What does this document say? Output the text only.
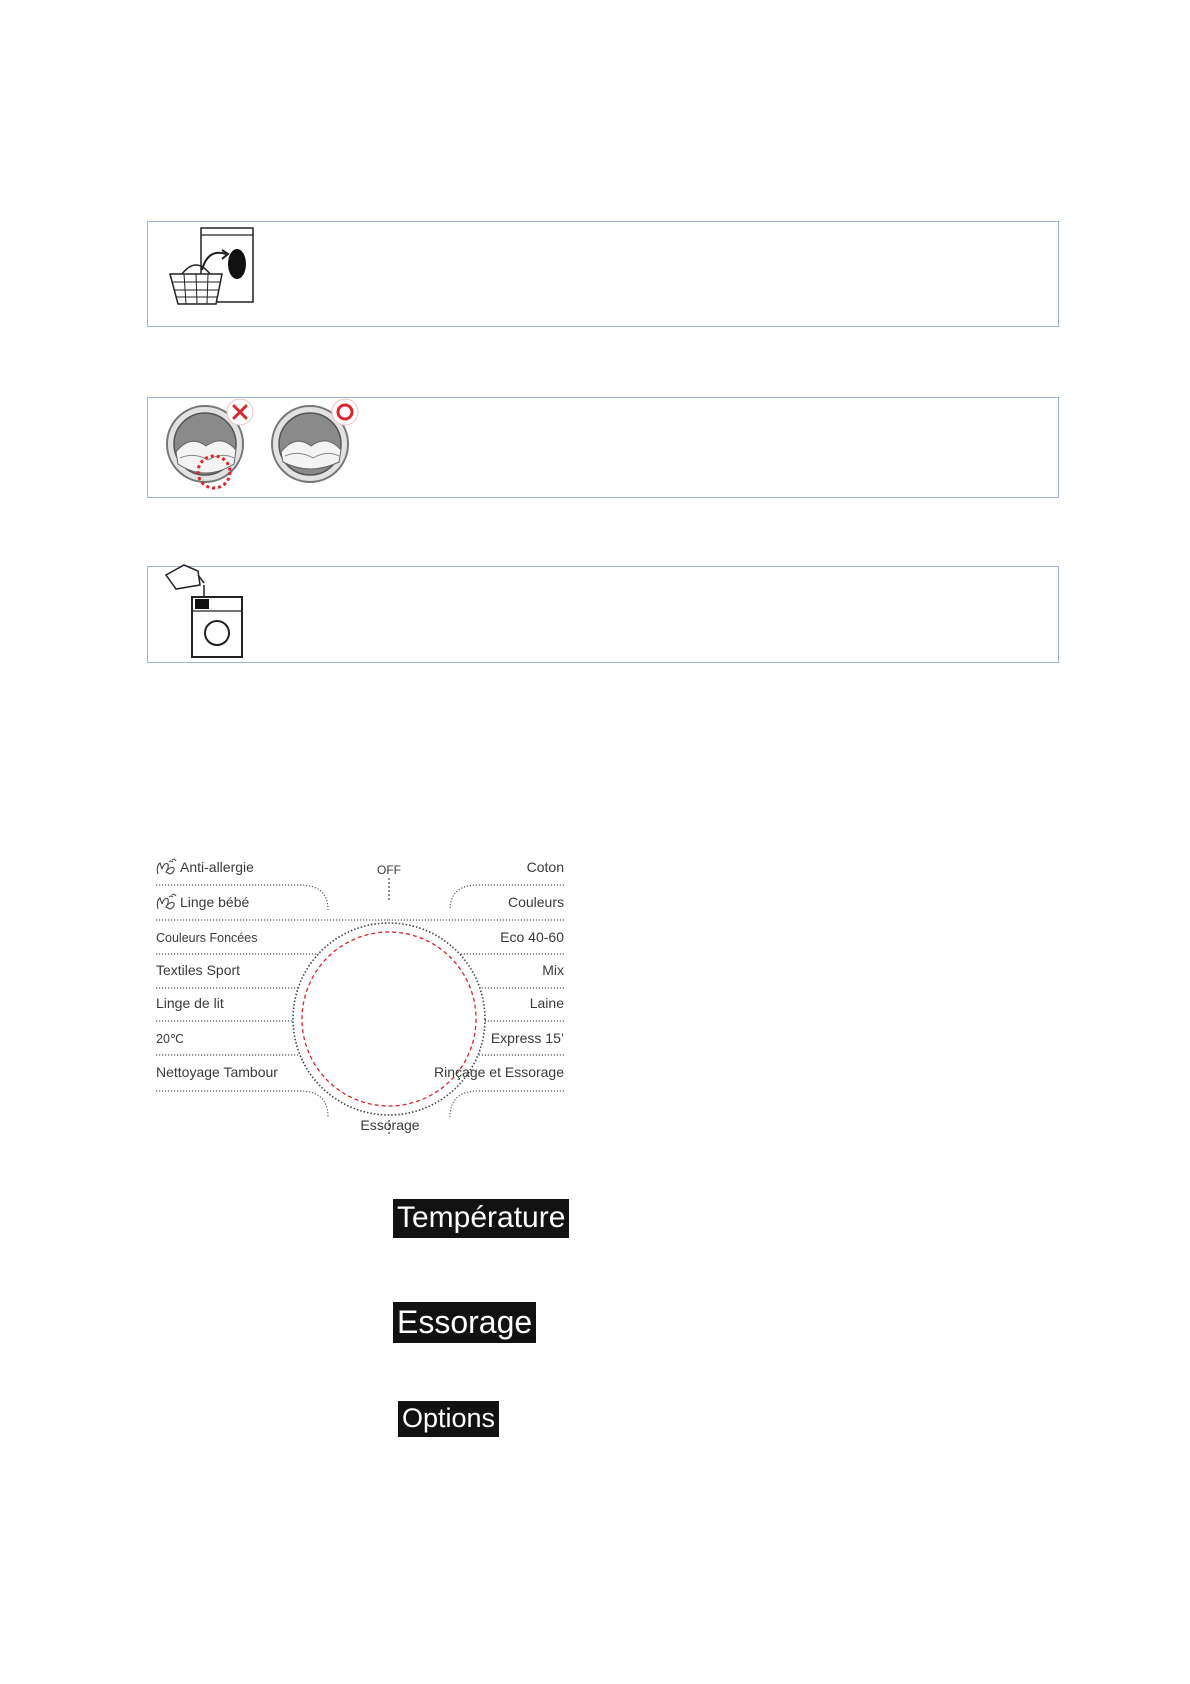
OFF
Essorage
Anti-allergie
Linge bébé
Couleurs Foncées
Textiles Sport
Linge de lit
20℃
Nettoyage Tambour
Coton
Couleurs
Eco 40-60
Mix
Laine
Express 15’
Rinçage et Essorage
Température
Essorage
Options
